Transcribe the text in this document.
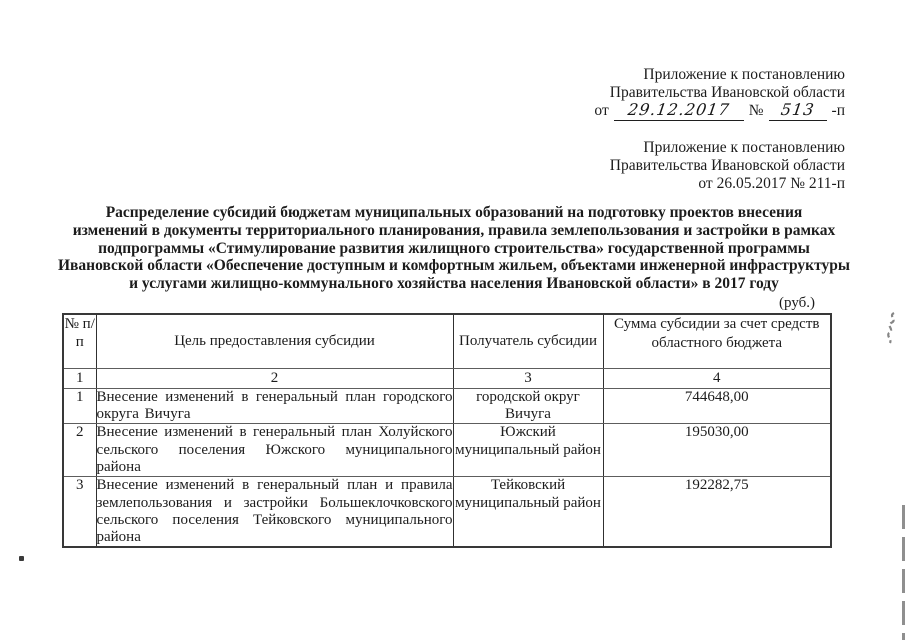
Приложение к постановлению
Правительства Ивановской области
от 29.12.2017 № 513 -п
Приложение к постановлению
Правительства Ивановской области
от 26.05.2017 № 211-п
Распределение субсидий бюджетам муниципальных образований на подготовку проектов внесения
изменений в документы территориального планирования, правила землепользования и застройки в рамках
подпрограммы «Стимулирование развития жилищного строительства» государственной программы
Ивановской области «Обеспечение доступным и комфортным жильем, объектами инженерной инфраструктуры
и услугами жилищно-коммунального хозяйства населения Ивановской области» в 2017 году
(руб.)
№ п/п	Цель предоставления субсидии	Получатель субсидии	Сумма субсидии за счет средств областного бюджета
1	2	3	4
1	Внесение изменений в генеральный план городского округа Вичуга	городской округ Вичуга	744648,00
2	Внесение изменений в генеральный план Холуйского сельского поселения Южского муниципального района	Южский муниципальный район	195030,00
3	Внесение изменений в генеральный план и правила землепользования и застройки Большеклочковского сельского поселения Тейковского муниципального района	Тейковский муниципальный район	192282,75
